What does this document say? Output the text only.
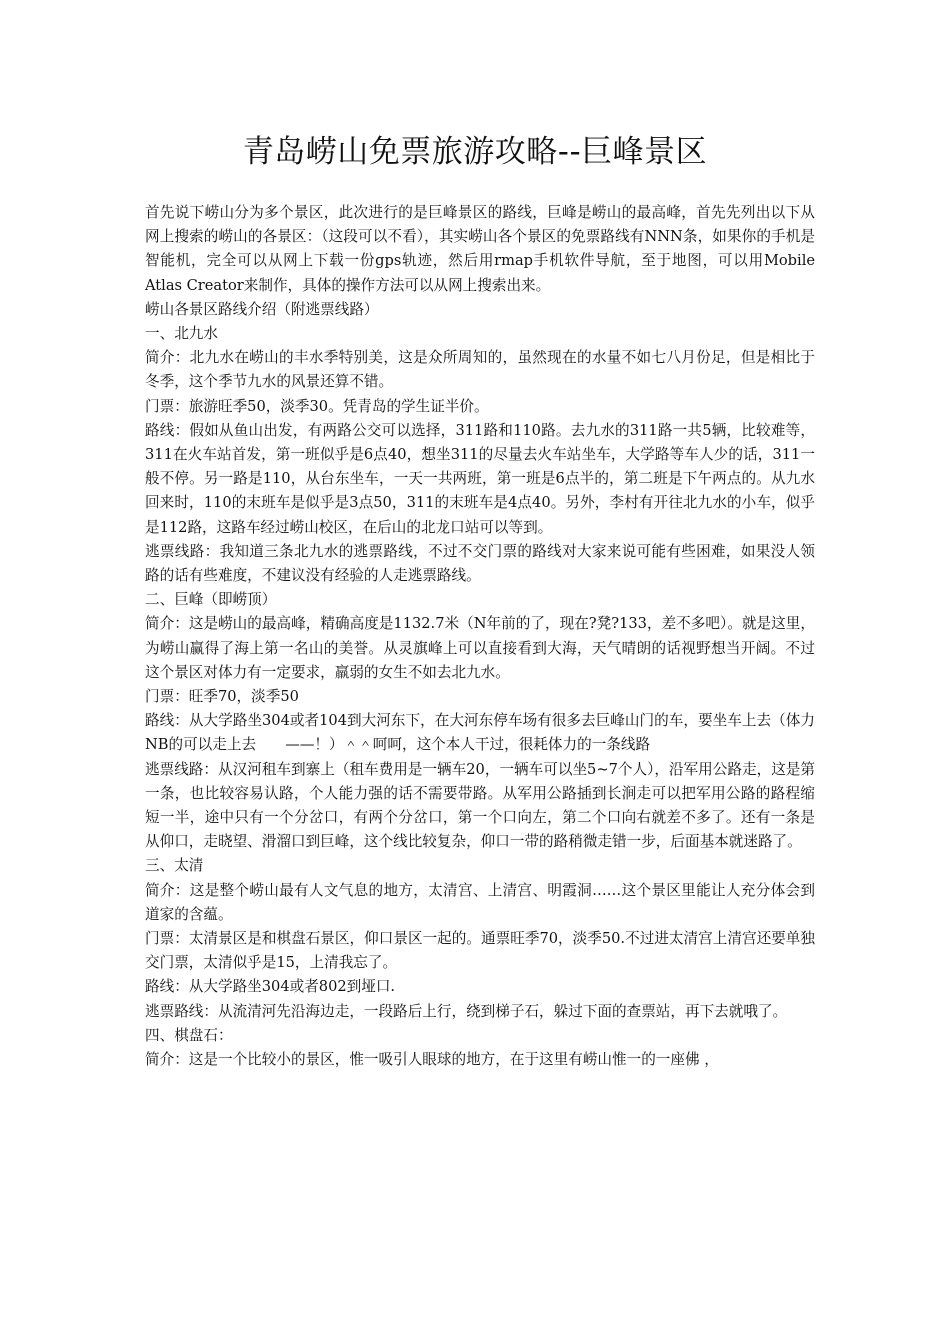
青岛崂山免票旅游攻略--巨峰景区
首先说下崂山分为多个景区，此次进行的是巨峰景区的路线，巨峰是崂山的最高峰，首先先列出以下从网上搜索的崂山的各景区：（这段可以不看），其实崂山各个景区的免票路线有NNN条，如果你的手机是智能机，完全可以从网上下载一份gps轨迹，然后用rmap手机软件导航，至于地图，可以用Mobile Atlas Creator来制作，具体的操作方法可以从网上搜索出来。
崂山各景区路线介绍（附逃票线路）
一、北九水
简介：北九水在崂山的丰水季特别美，这是众所周知的，虽然现在的水量不如七八月份足，但是相比于冬季，这个季节九水的风景还算不错。
门票：旅游旺季50，淡季30。凭青岛的学生证半价。
路线：假如从鱼山出发，有两路公交可以选择，311路和110路。去九水的311路一共5辆，比较难等，311在火车站首发，第一班似乎是6点40，想坐311的尽量去火车站坐车，大学路等车人少的话，311一般不停。另一路是110，从台东坐车，一天一共两班，第一班是6点半的，第二班是下午两点的。从九水回来时，110的末班车是似乎是3点50，311的末班车是4点40。另外，李村有开往北九水的小车，似乎是112路，这路车经过崂山校区，在后山的北龙口站可以等到。
逃票线路：我知道三条北九水的逃票路线，不过不交门票的路线对大家来说可能有些困难，如果没人领路的话有些难度，不建议没有经验的人走逃票路线。
二、巨峰（即崂顶）
简介：这是崂山的最高峰，精确高度是1132.7米（N年前的了，现在?凳?133，差不多吧）。就是这里，为崂山赢得了海上第一名山的美誉。从灵旗峰上可以直接看到大海，天气晴朗的话视野想当开阔。不过这个景区对体力有一定要求，羸弱的女生不如去北九水。
门票：旺季70，淡季50
路线：从大学路坐304或者104到大河东下，在大河东停车场有很多去巨峰山门的车，要坐车上去（体力NB的可以走上去　　——！）＾＾呵呵，这个本人干过，很耗体力的一条线路
逃票线路：从汉河租车到寨上（租车费用是一辆车20，一辆车可以坐5~7个人），沿军用公路走，这是第一条，也比较容易认路，个人能力强的话不需要带路。从军用公路插到长涧走可以把军用公路的路程缩短一半，途中只有一个分岔口，有两个分岔口，第一个口向左，第二个口向右就差不多了。还有一条是从仰口，走晓望、滑溜口到巨峰，这个线比较复杂，仰口一带的路稍微走错一步，后面基本就迷路了。
三、太清
简介：这是整个崂山最有人文气息的地方，太清宫、上清宫、明霞洞……这个景区里能让人充分体会到道家的含蕴。
门票：太清景区是和棋盘石景区，仰口景区一起的。通票旺季70，淡季50.不过进太清宫上清宫还要单独交门票，太清似乎是15，上清我忘了。
路线：从大学路坐304或者802到垭口.
逃票路线：从流清河先沿海边走，一段路后上行，绕到梯子石，躲过下面的查票站，再下去就哦了。
四、棋盘石：
简介：这是一个比较小的景区，惟一吸引人眼球的地方，在于这里有崂山惟一的一座佛 ，
